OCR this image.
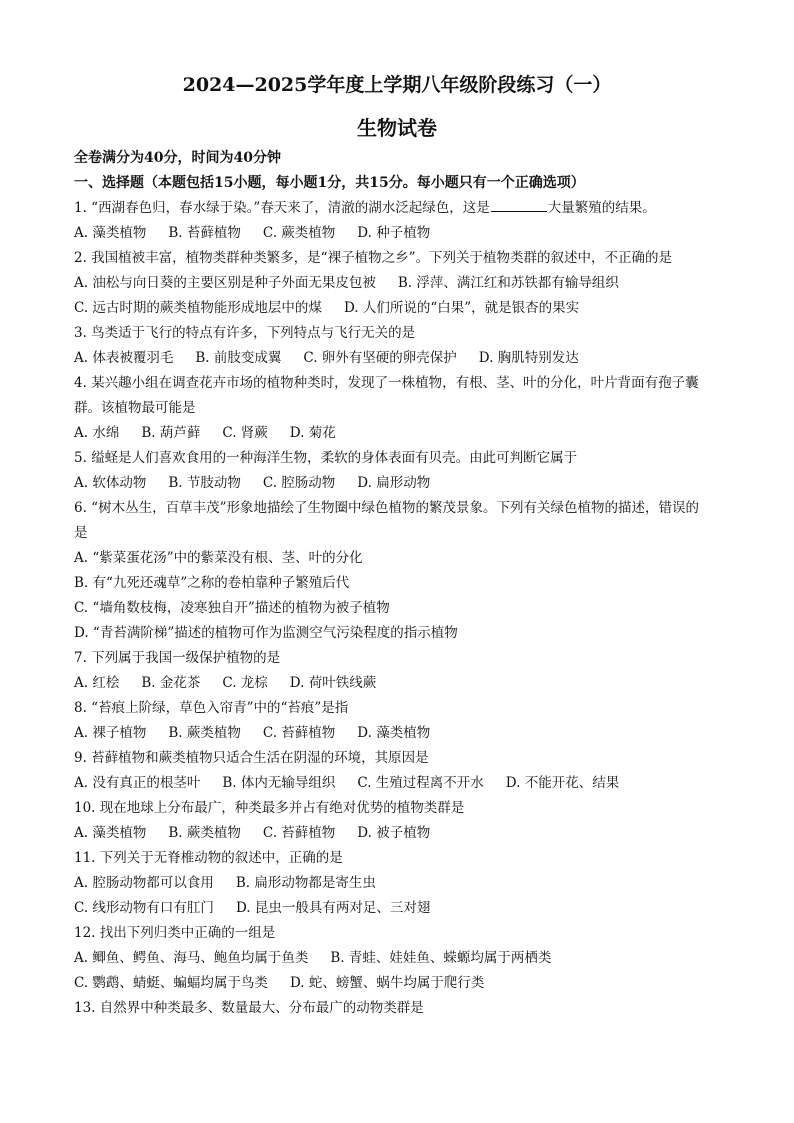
2024—2025学年度上学期八年级阶段练习（一）
生物试卷
全卷满分为40分，时间为40分钟
一、选择题（本题包括15小题，每小题1分，共15分。每小题只有一个正确选项）
1. “西湖春色归，春水绿于染。”春天来了，清澈的湖水泛起绿色，这是	大量繁殖的结果。
A. 藻类植物 B. 苔藓植物 C. 蕨类植物 D. 种子植物
2. 我国植被丰富，植物类群种类繁多，是“裸子植物之乡”。下列关于植物类群的叙述中，不正确的是
A. 油松与向日葵的主要区别是种子外面无果皮包被 B. 浮萍、满江红和苏铁都有输导组织
C. 远古时期的蕨类植物能形成地层中的煤 D. 人们所说的“白果”，就是银杏的果实
3. 鸟类适于飞行的特点有许多，下列特点与飞行无关的是
A. 体表被覆羽毛 B. 前肢变成翼 C. 卵外有坚硬的卵壳保护 D. 胸肌特别发达
4. 某兴趣小组在调查花卉市场的植物种类时，发现了一株植物，有根、茎、叶的分化，叶片背面有孢子囊
群。该植物最可能是
A. 水绵 B. 葫芦藓 C. 肾蕨 D. 菊花
5. 缢蛏是人们喜欢食用的一种海洋生物，柔软的身体表面有贝壳。由此可判断它属于
A. 软体动物 B. 节肢动物 C. 腔肠动物 D. 扁形动物
6. “树木丛生，百草丰茂”形象地描绘了生物圈中绿色植物的繁茂景象。下列有关绿色植物的描述，错误的
是
A. “紫菜蛋花汤”中的紫菜没有根、茎、叶的分化
B. 有“九死还魂草”之称的卷柏靠种子繁殖后代
C. “墙角数枝梅，凌寒独自开”描述的植物为被子植物
D. “青苔满阶梯”描述的植物可作为监测空气污染程度的指示植物
7. 下列属于我国一级保护植物的是
A. 红桧 B. 金花茶 C. 龙棕 D. 荷叶铁线蕨
8. “苔痕上阶绿，草色入帘青”中的“苔痕”是指
A. 裸子植物 B. 蕨类植物 C. 苔藓植物 D. 藻类植物
9. 苔藓植物和蕨类植物只适合生活在阴湿的环境，其原因是
A. 没有真正的根茎叶 B. 体内无输导组织 C. 生殖过程离不开水 D. 不能开花、结果
10. 现在地球上分布最广，种类最多并占有绝对优势的植物类群是
A. 藻类植物 B. 蕨类植物 C. 苔藓植物 D. 被子植物
11. 下列关于无脊椎动物的叙述中，正确的是
A. 腔肠动物都可以食用 B. 扁形动物都是寄生虫
C. 线形动物有口有肛门 D. 昆虫一般具有两对足、三对翅
12. 找出下列归类中正确的一组是
A. 鲫鱼、鳄鱼、海马、鲍鱼均属于鱼类 B. 青蛙、娃娃鱼、蝾螈均属于两栖类
C. 鹦鹉、蜻蜓、蝙蝠均属于鸟类 D. 蛇、螃蟹、蜗牛均属于爬行类
13. 自然界中种类最多、数量最大、分布最广的动物类群是
